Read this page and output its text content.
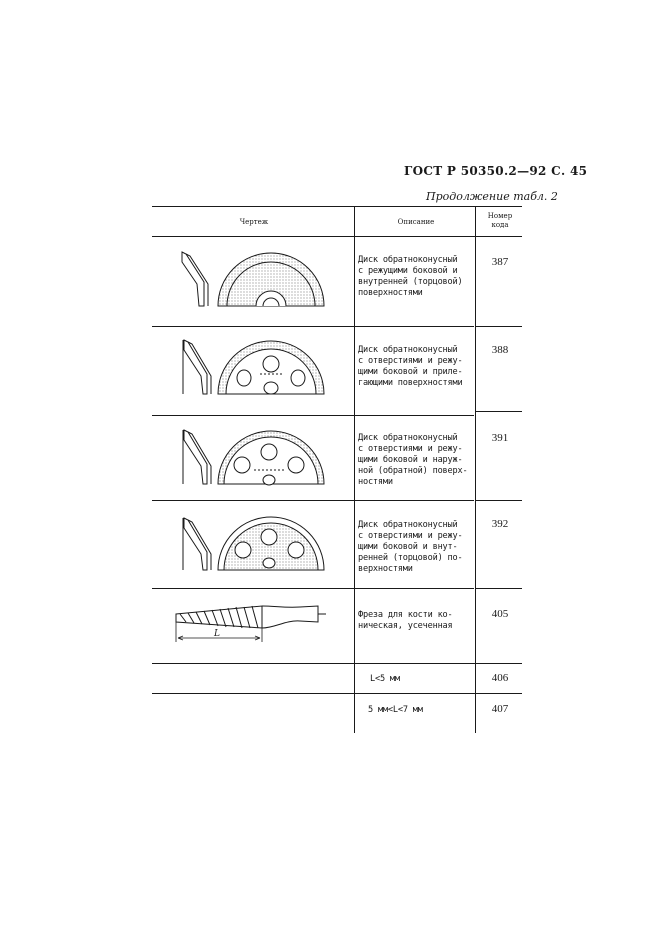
ГОСТ Р 50350.2—92 С. 45
Продолжение табл. 2
Чертеж	Описание
Номер
кода
Диск обратноконусный
с режущими боковой и
внутренней (торцовой)
поверхностями
Диск обратноконусный
с отверстиями и режу-
щими боковой и приле-
гающими поверхностями
Диск обратноконусный
с отверстиями и режу-
щими боковой и наруж-
ной (обратной) поверх-
ностями
Диск обратноконусный
с отверстиями и режу-
щими боковой и внут-
ренней (торцовой) по-
верхностями
Фреза для кости ко-
ническая, усеченная
L<5 мм
5 мм<L<7 мм
387
388
391
392
405
406
407
L
